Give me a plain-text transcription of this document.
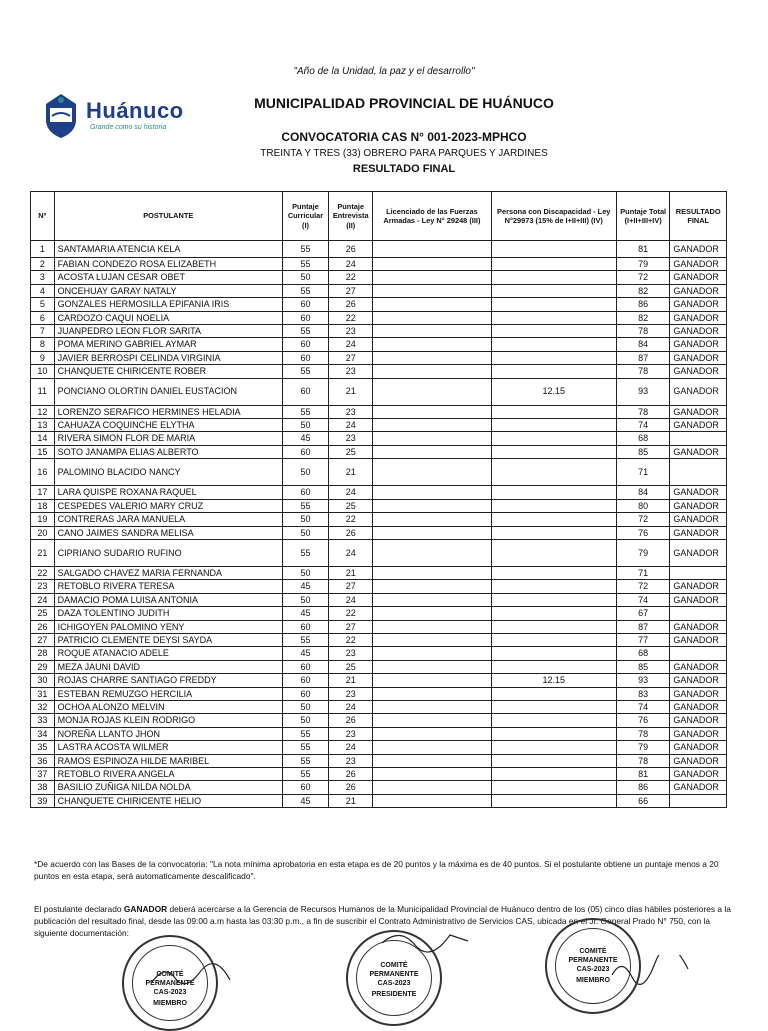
"Año de la Unidad, la paz y el desarrollo"
Huánuco
Grande como su historia
MUNICIPALIDAD PROVINCIAL DE HUÁNUCO
CONVOCATORIA CAS N° 001-2023-MPHCO
TREINTA Y TRES (33) OBRERO PARA PARQUES Y JARDINES
RESULTADO FINAL
Nº	POSTULANTE	Puntaje Curricular (I)	Puntaje Entrevista (II)	Licenciado de las Fuerzas Armadas - Ley N° 29248 (III)	Persona con Discapacidad - Ley N°29973 (15% de I+II+III) (IV)	Puntaje Total (I+II+III+IV)	RESULTADO FINAL
1	SANTAMARIA ATENCIA KELA	55	26			81	GANADOR
2	FABIAN CONDEZO ROSA ELIZABETH	55	24			79	GANADOR
3	ACOSTA LUJAN CESAR OBET	50	22			72	GANADOR
4	ONCEHUAY GARAY NATALY	55	27			82	GANADOR
5	GONZALES HERMOSILLA EPIFANIA IRIS	60	26			86	GANADOR
6	CARDOZO CAQUI NOELIA	60	22			82	GANADOR
7	JUANPEDRO LEON FLOR SARITA	55	23			78	GANADOR
8	POMA MERINO GABRIEL AYMAR	60	24			84	GANADOR
9	JAVIER BERROSPI CELINDA VIRGINIA	60	27			87	GANADOR
10	CHANQUETE CHIRICENTE ROBER	55	23			78	GANADOR
11	PONCIANO OLORTIN DANIEL EUSTACION	60	21		12.15	93	GANADOR
12	LORENZO SERAFICO HERMINES HELADIA	55	23			78	GANADOR
13	CAHUAZA COQUINCHE ELYTHA	50	24			74	GANADOR
14	RIVERA SIMON FLOR DE MARIA	45	23			68	
15	SOTO JANAMPA ELIAS ALBERTO	60	25			85	GANADOR
16	PALOMINO BLACIDO NANCY	50	21			71	
17	LARA QUISPE ROXANA RAQUEL	60	24			84	GANADOR
18	CESPEDES VALERIO MARY CRUZ	55	25			80	GANADOR
19	CONTRERAS JARA MANUELA	50	22			72	GANADOR
20	CANO JAIMES SANDRA MELISA	50	26			76	GANADOR
21	CIPRIANO SUDARIO RUFINO	55	24			79	GANADOR
22	SALGADO CHAVEZ MARIA FERNANDA	50	21			71	
23	RETOBLO RIVERA TERESA	45	27			72	GANADOR
24	DAMACIO POMA LUISA ANTONIA	50	24			74	GANADOR
25	DAZA TOLENTINO JUDITH	45	22			67	
26	ICHIGOYEN PALOMINO YENY	60	27			87	GANADOR
27	PATRICIO CLEMENTE DEYSI SAYDA	55	22			77	GANADOR
28	ROQUE ATANACIO ADELE	45	23			68	
29	MEZA JAUNI DAVID	60	25			85	GANADOR
30	ROJAS CHARRE SANTIAGO FREDDY	60	21		12.15	93	GANADOR
31	ESTEBAN REMUZGO HERCILIA	60	23			83	GANADOR
32	OCHOA ALONZO MELVIN	50	24			74	GANADOR
33	MONJA ROJAS KLEIN RODRIGO	50	26			76	GANADOR
34	NOREÑA LLANTO JHON	55	23			78	GANADOR
35	LASTRA ACOSTA WILMER	55	24			79	GANADOR
36	RAMOS ESPINOZA HILDE MARIBEL	55	23			78	GANADOR
37	RETOBLO RIVERA ANGELA	55	26			81	GANADOR
38	BASILIO ZUÑIGA NILDA NOLDA	60	26			86	GANADOR
39	CHANQUETE CHIRICENTE HELIO	45	21			66	
*De acuerdo con las Bases de la convocatoria: "La nota mínima aprobatoria en esta etapa es de 20 puntos y la máxima es de 40 puntos. Si el postulante obtiene un puntaje menos a 20 puntos en esta etapa, será automaticamente descalificado".
El postulante declarado GANADOR deberá acercarse a la Gerencia de Recursos Humanos de la Municipalidad Provincial de Huánuco dentro de los (05) cinco días hábiles posteriores a la publicación del resultado final, desde las 09:00 a.m hasta las 03:30 p.m., a fin de suscribir el Contrato Administrativo de Servicios CAS, ubicada en el Jr. General Prado N° 750, con la siguiente documentación:
COMITÉ
PERMANENTE
CAS-2023
MIEMBRO
COMITÉ
PERMANENTE
CAS-2023
PRESIDENTE
COMITÉ
PERMANENTE
CAS-2023
MIEMBRO
